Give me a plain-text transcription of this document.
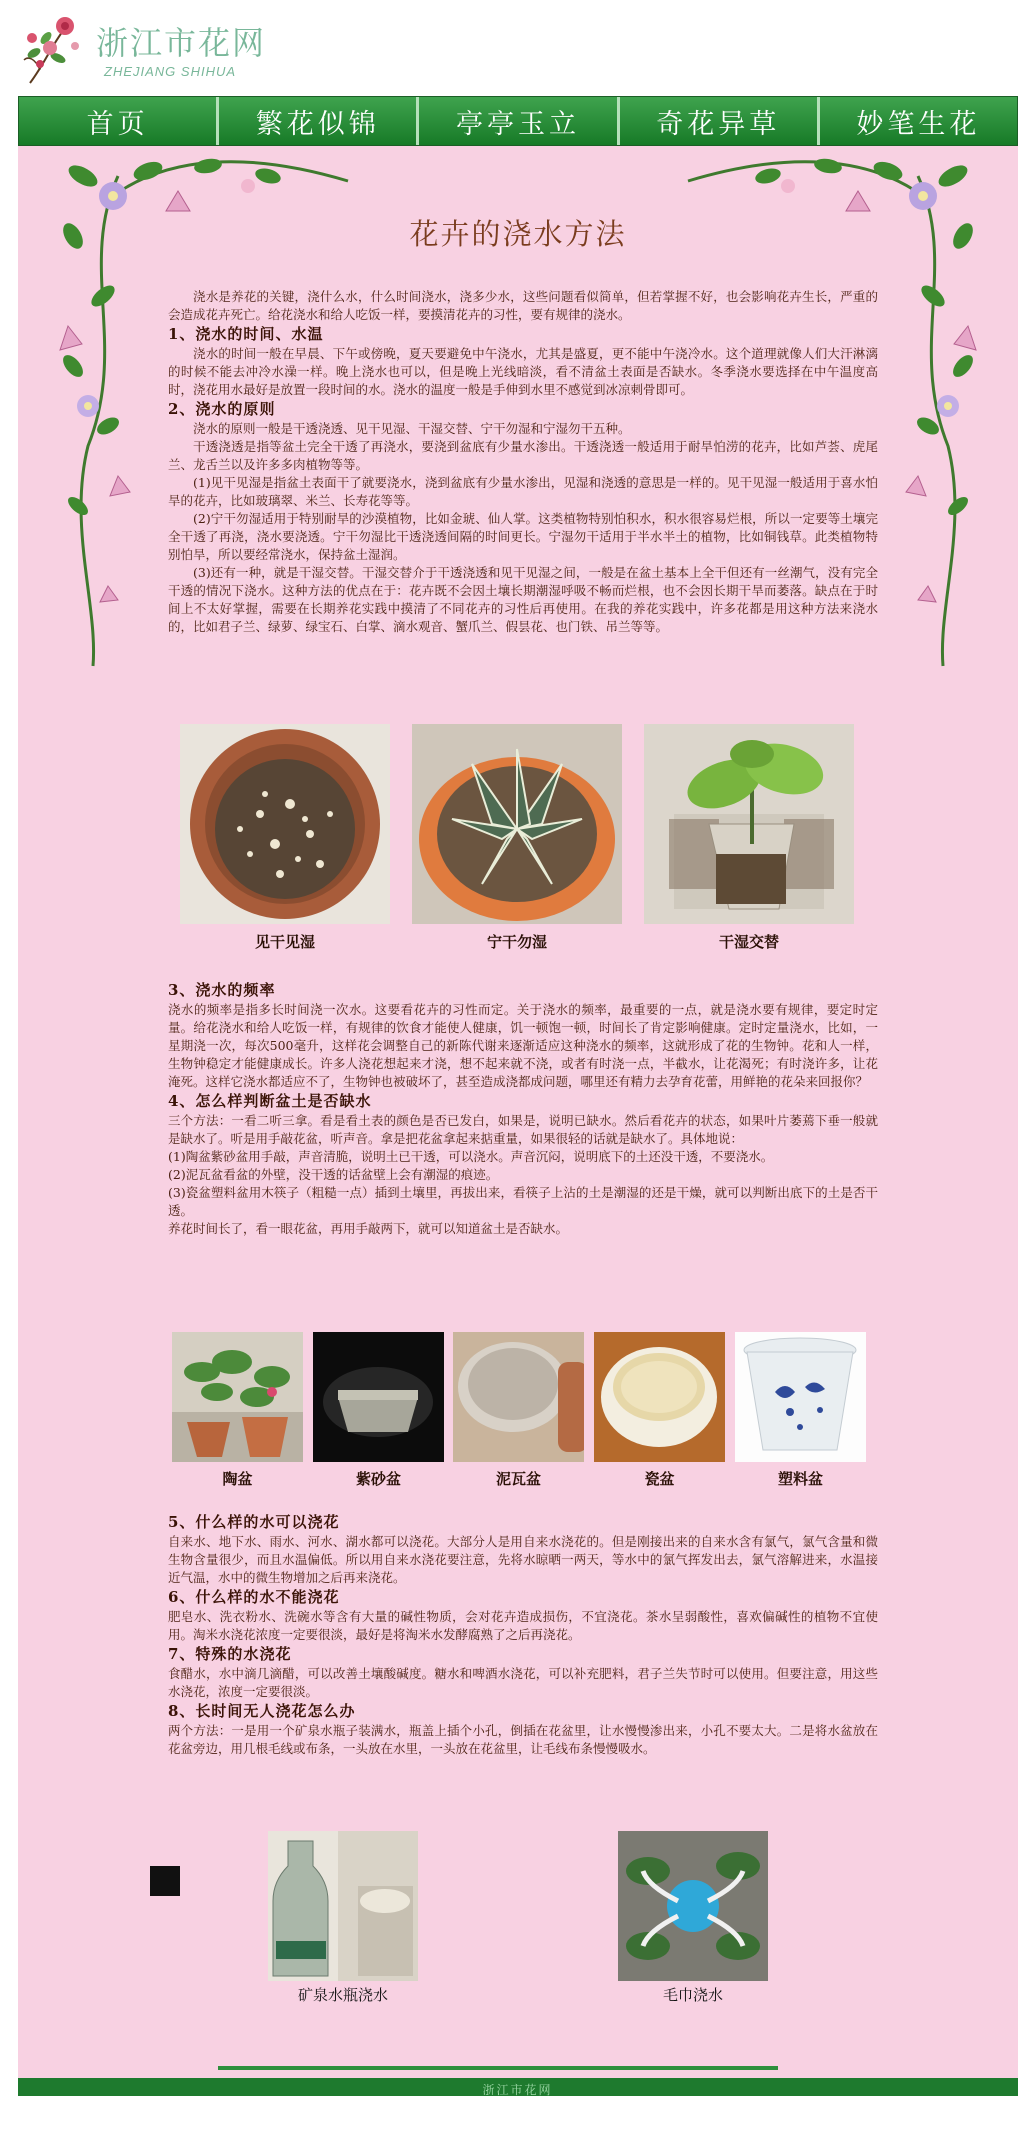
浙江市花网
ZHEJIANG SHIHUA
首页	繁花似锦	亭亭玉立	奇花异草	妙笔生花
花卉的浇水方法

浇水是养花的关键，浇什么水，什么时间浇水，浇多少水，这些问题看似简单，但若掌握不好，也会影响花卉生长，严重的会造成花卉死亡。给花浇水和给人吃饭一样，要摸清花卉的习性，要有规律的浇水。

1、浇水的时间、水温

浇水的时间一般在早晨、下午或傍晚，夏天要避免中午浇水，尤其是盛夏，更不能中午浇冷水。这个道理就像人们大汗淋漓的时候不能去冲冷水澡一样。晚上浇水也可以，但是晚上光线暗淡，看不清盆土表面是否缺水。冬季浇水要选择在中午温度高时，浇花用水最好是放置一段时间的水。浇水的温度一般是手伸到水里不感觉到冰凉刺骨即可。

2、浇水的原则

浇水的原则一般是干透浇透、见干见湿、干湿交替、宁干勿湿和宁湿勿干五种。

干透浇透是指等盆土完全干透了再浇水，要浇到盆底有少量水渗出。干透浇透一般适用于耐旱怕涝的花卉，比如芦荟、虎尾兰、龙舌兰以及许多多肉植物等等。

(1)见干见湿是指盆土表面干了就要浇水，浇到盆底有少量水渗出，见湿和浇透的意思是一样的。见干见湿一般适用于喜水怕旱的花卉，比如玻璃翠、米兰、长寿花等等。

(2)宁干勿湿适用于特别耐旱的沙漠植物，比如金琥、仙人掌。这类植物特别怕积水，积水很容易烂根，所以一定要等土壤完全干透了再浇，浇水要浇透。宁干勿湿比干透浇透间隔的时间更长。宁湿勿干适用于半水半土的植物，比如铜钱草。此类植物特别怕旱，所以要经常浇水，保持盆土湿润。

(3)还有一种，就是干湿交替。干湿交替介于干透浇透和见干见湿之间，一般是在盆土基本上全干但还有一丝潮气，没有完全干透的情况下浇水。这种方法的优点在于：花卉既不会因土壤长期潮湿呼吸不畅而烂根，也不会因长期干旱而萎落。缺点在于时间上不太好掌握，需要在长期养花实践中摸清了不同花卉的习性后再使用。在我的养花实践中，许多花都是用这种方法来浇水的，比如君子兰、绿萝、绿宝石、白掌、滴水观音、蟹爪兰、假昙花、也门铁、吊兰等等。

见干见湿	宁干勿湿	干湿交替
3、浇水的频率

浇水的频率是指多长时间浇一次水。这要看花卉的习性而定。关于浇水的频率，最重要的一点，就是浇水要有规律，要定时定量。给花浇水和给人吃饭一样，有规律的饮食才能使人健康，饥一顿饱一顿，时间长了肯定影响健康。定时定量浇水，比如，一星期浇一次，每次500毫升，这样花会调整自己的新陈代谢来逐渐适应这种浇水的频率，这就形成了花的生物钟。花和人一样，生物钟稳定才能健康成长。许多人浇花想起来才浇，想不起来就不浇，或者有时浇一点，半截水，让花渴死；有时浇许多，让花淹死。这样它浇水都适应不了，生物钟也被破坏了，甚至造成浇都成问题，哪里还有精力去孕育花蕾，用鲜艳的花朵来回报你？

4、怎么样判断盆土是否缺水

三个方法：一看二听三拿。看是看土表的颜色是否已发白，如果是，说明已缺水。然后看花卉的状态，如果叶片萎蔫下垂一般就是缺水了。听是用手敲花盆，听声音。拿是把花盆拿起来掂重量，如果很轻的话就是缺水了。具体地说：

(1)陶盆紫砂盆用手敲，声音清脆，说明土已干透，可以浇水。声音沉闷，说明底下的土还没干透，不要浇水。

(2)泥瓦盆看盆的外壁，没干透的话盆壁上会有潮湿的痕迹。

(3)瓷盆塑料盆用木筷子（粗糙一点）插到土壤里，再拔出来，看筷子上沾的土是潮湿的还是干燥，就可以判断出底下的土是否干透。

养花时间长了，看一眼花盆，再用手敲两下，就可以知道盆土是否缺水。

陶盆	紫砂盆	泥瓦盆	瓷盆	塑料盆
5、什么样的水可以浇花

自来水、地下水、雨水、河水、湖水都可以浇花。大部分人是用自来水浇花的。但是刚接出来的自来水含有氯气，氯气含量和微生物含量很少，而且水温偏低。所以用自来水浇花要注意，先将水晾晒一两天，等水中的氯气挥发出去，氯气溶解进来，水温接近气温，水中的微生物增加之后再来浇花。

6、什么样的水不能浇花

肥皂水、洗衣粉水、洗碗水等含有大量的碱性物质，会对花卉造成损伤，不宜浇花。茶水呈弱酸性，喜欢偏碱性的植物不宜使用。淘米水浇花浓度一定要很淡，最好是将淘米水发酵腐熟了之后再浇花。

7、特殊的水浇花

食醋水，水中滴几滴醋，可以改善土壤酸碱度。糖水和啤酒水浇花，可以补充肥料，君子兰失节时可以使用。但要注意，用这些水浇花，浓度一定要很淡。

8、长时间无人浇花怎么办

两个方法：一是用一个矿泉水瓶子装满水，瓶盖上插个小孔，倒插在花盆里，让水慢慢渗出来，小孔不要太大。二是将水盆放在花盆旁边，用几根毛线或布条，一头放在水里，一头放在花盆里，让毛线布条慢慢吸水。

矿泉水瓶浇水	毛巾浇水
浙江市花网
